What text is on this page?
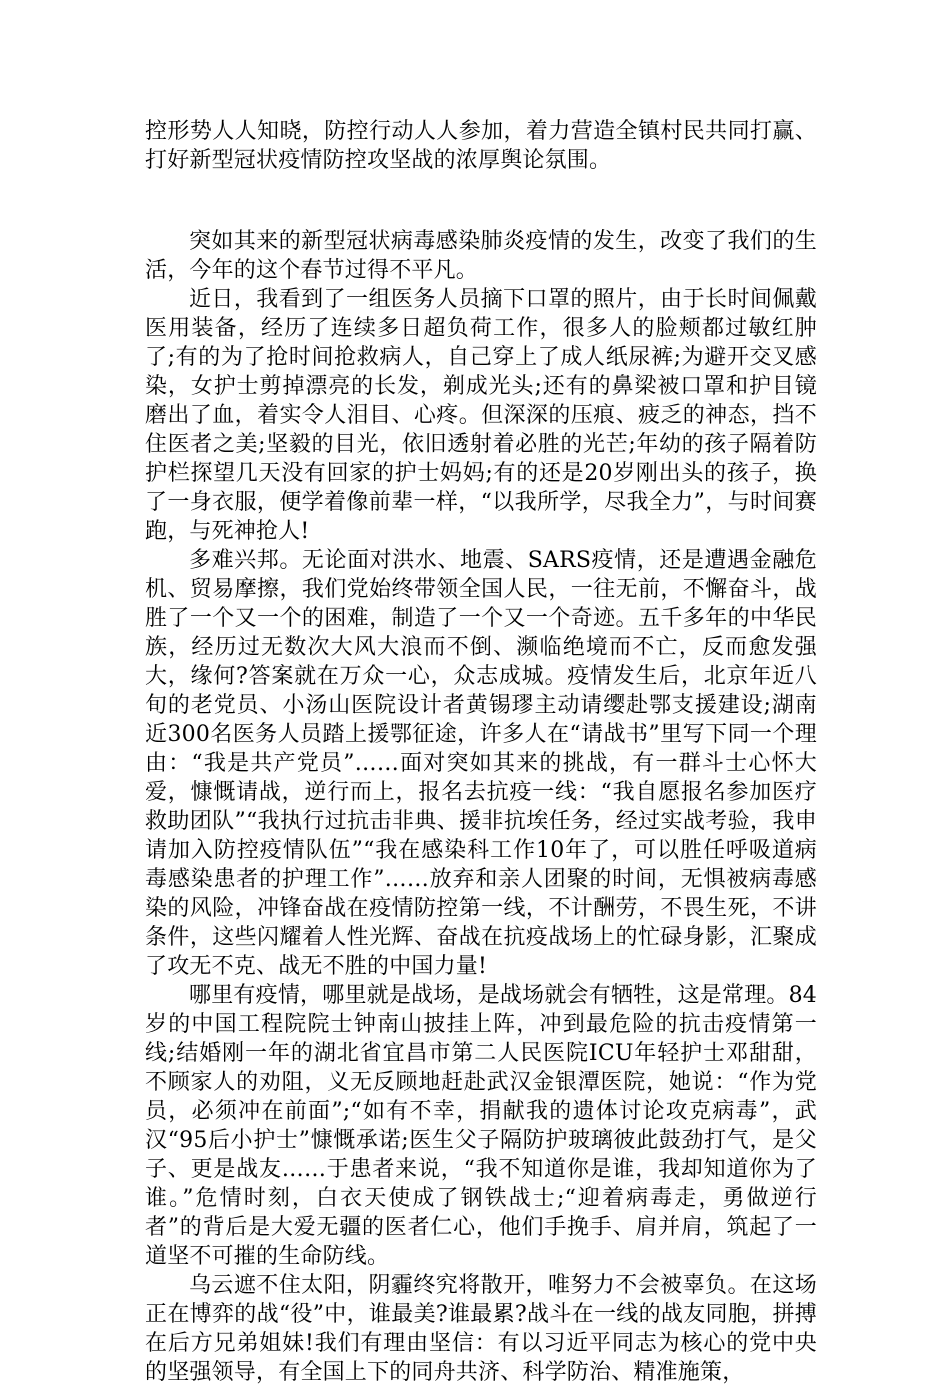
控形势人人知晓，防控行动人人参加，着力营造全镇村民共同打赢、打好新型冠状疫情防控攻坚战的浓厚舆论氛围。

突如其来的新型冠状病毒感染肺炎疫情的发生，改变了我们的生活，今年的这个春节过得不平凡。

近日，我看到了一组医务人员摘下口罩的照片，由于长时间佩戴医用装备，经历了连续多日超负荷工作，很多人的脸颊都过敏红肿了;有的为了抢时间抢救病人，自己穿上了成人纸尿裤;为避开交叉感染，女护士剪掉漂亮的长发，剃成光头;还有的鼻梁被口罩和护目镜磨出了血，着实令人泪目、心疼。但深深的压痕、疲乏的神态，挡不住医者之美;坚毅的目光，依旧透射着必胜的光芒;年幼的孩子隔着防护栏探望几天没有回家的护士妈妈;有的还是20岁刚出头的孩子，换了一身衣服，便学着像前辈一样，“以我所学，尽我全力”，与时间赛跑，与死神抢人!

多难兴邦。无论面对洪水、地震、SARS疫情，还是遭遇金融危机、贸易摩擦，我们党始终带领全国人民，一往无前，不懈奋斗，战胜了一个又一个的困难，制造了一个又一个奇迹。五千多年的中华民族，经历过无数次大风大浪而不倒、濒临绝境而不亡，反而愈发强大，缘何?答案就在万众一心，众志成城。疫情发生后，北京年近八旬的老党员、小汤山医院设计者黄锡璆主动请缨赴鄂支援建设;湖南近300名医务人员踏上援鄂征途，许多人在“请战书”里写下同一个理由：“我是共产党员”……面对突如其来的挑战，有一群斗士心怀大爱，慷慨请战，逆行而上，报名去抗疫一线：“我自愿报名参加医疗救助团队”“我执行过抗击非典、援非抗埃任务，经过实战考验，我申请加入防控疫情队伍”“我在感染科工作10年了，可以胜任呼吸道病毒感染患者的护理工作”……放弃和亲人团聚的时间，无惧被病毒感染的风险，冲锋奋战在疫情防控第一线，不计酬劳，不畏生死，不讲条件，这些闪耀着人性光辉、奋战在抗疫战场上的忙碌身影，汇聚成了攻无不克、战无不胜的中国力量!

哪里有疫情，哪里就是战场，是战场就会有牺牲，这是常理。84岁的中国工程院院士钟南山披挂上阵，冲到最危险的抗击疫情第一线;结婚刚一年的湖北省宜昌市第二人民医院ICU年轻护士邓甜甜，不顾家人的劝阻，义无反顾地赶赴武汉金银潭医院，她说：“作为党员，必须冲在前面”;“如有不幸，捐献我的遗体讨论攻克病毒”，武汉“95后小护士”慷慨承诺;医生父子隔防护玻璃彼此鼓劲打气，是父子、更是战友……于患者来说，“我不知道你是谁，我却知道你为了谁。”危情时刻，白衣天使成了钢铁战士;“迎着病毒走，勇做逆行者”的背后是大爱无疆的医者仁心，他们手挽手、肩并肩，筑起了一道坚不可摧的生命防线。

乌云遮不住太阳，阴霾终究将散开，唯努力不会被辜负。在这场正在博弈的战“役”中，谁最美?谁最累?战斗在一线的战友同胞，拼搏在后方兄弟姐妹!我们有理由坚信：有以习近平同志为核心的党中央的坚强领导，有全国上下的同舟共济、科学防治、精准施策，
